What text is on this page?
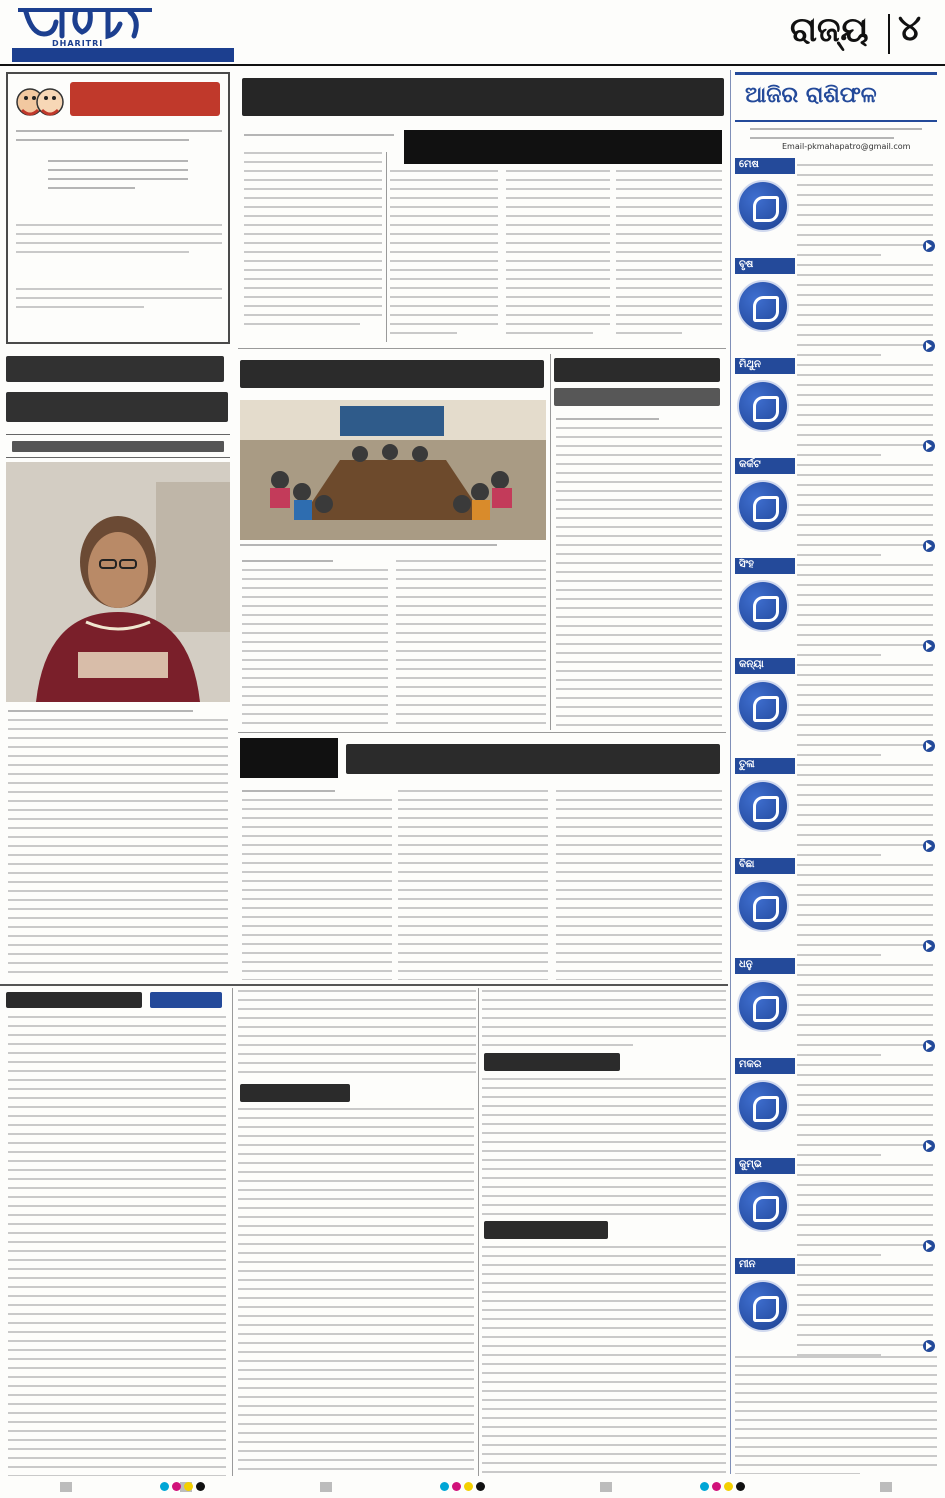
DHARITRI	ରାଜ୍ୟ ୪
ଆଜିର ରାଶିଫଳ
Email-pkmahapatro@gmail.com
ମେଷ
ବୃଷ
ମିଥୁନ
କର୍କଟ
ସିଂହ
କନ୍ୟା
ତୁଳା
ବିଛା
ଧନୁ
ମକର
କୁମ୍ଭ
ମୀନ
